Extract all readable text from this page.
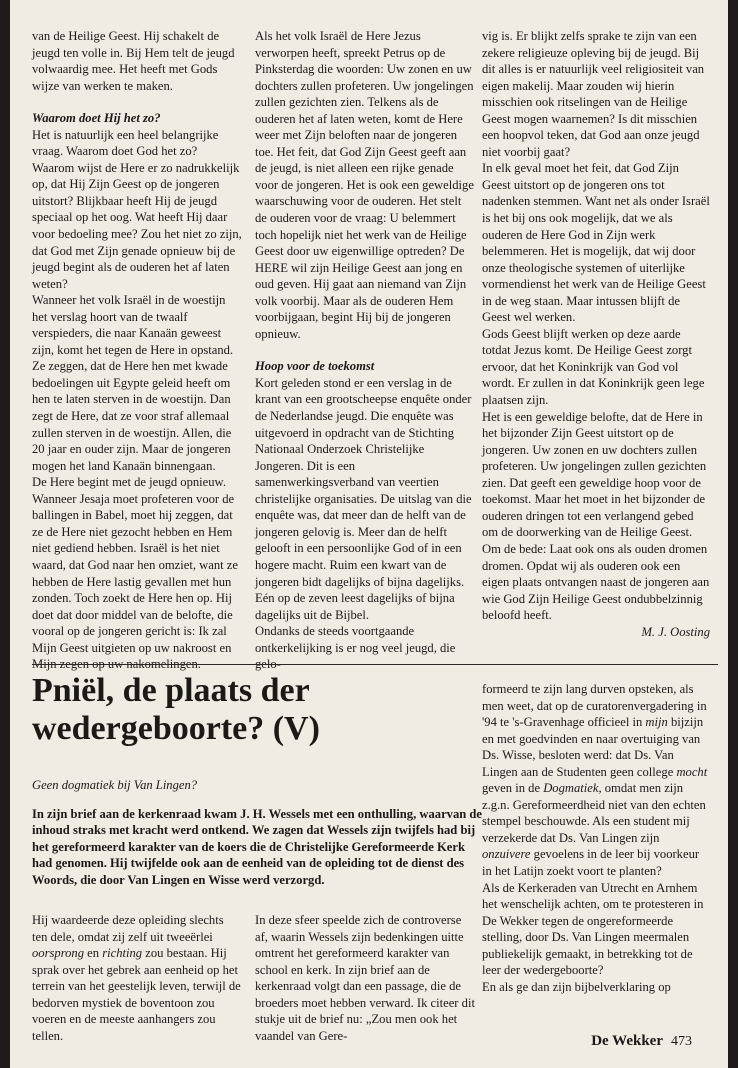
van de Heilige Geest. Hij schakelt de jeugd ten volle in. Bij Hem telt de jeugd volwaardig mee. Het heeft met Gods wijze van werken te maken.

Waarom doet Hij het zo?

Het is natuurlijk een heel belangrijke vraag. Waarom doet God het zo? Waarom wijst de Here er zo nadrukkelijk op, dat Hij Zijn Geest op de jongeren uitstort? Blijkbaar heeft Hij de jeugd speciaal op het oog. Wat heeft Hij daar voor bedoeling mee? Zou het niet zo zijn, dat God met Zijn genade opnieuw bij de jeugd begint als de ouderen het af laten weten?

Wanneer het volk Israël in de woestijn het verslag hoort van de twaalf verspieders, die naar Kanaän geweest zijn, komt het tegen de Here in opstand. Ze zeggen, dat de Here hen met kwade bedoelingen uit Egypte geleid heeft om hen te laten sterven in de woestijn. Dan zegt de Here, dat ze voor straf allemaal zullen sterven in de woestijn. Allen, die 20 jaar en ouder zijn. Maar de jongeren mogen het land Kanaän binnengaan.

De Here begint met de jeugd opnieuw. Wanneer Jesaja moet profeteren voor de ballingen in Babel, moet hij zeggen, dat ze de Here niet gezocht hebben en Hem niet gediend hebben. Israël is het niet waard, dat God naar hen omziet, want ze hebben de Here lastig gevallen met hun zonden. Toch zoekt de Here hen op. Hij doet dat door middel van de belofte, die vooral op de jongeren gericht is: Ik zal Mijn Geest uitgieten op uw nakroost en Mijn zegen op uw nakomelingen.

Als het volk Israël de Here Jezus verworpen heeft, spreekt Petrus op de Pinksterdag die woorden: Uw zonen en uw dochters zullen profeteren. Uw jongelingen zullen gezichten zien. Telkens als de ouderen het af laten weten, komt de Here weer met Zijn beloften naar de jongeren toe. Het feit, dat God Zijn Geest geeft aan de jeugd, is niet alleen een rijke genade voor de jongeren. Het is ook een geweldige waarschuwing voor de ouderen. Het stelt de ouderen voor de vraag: U belemmert toch hopelijk niet het werk van de Heilige Geest door uw eigenwillige optreden? De HERE wil zijn Heilige Geest aan jong en oud geven. Hij gaat aan niemand van Zijn volk voorbij. Maar als de ouderen Hem voorbijgaan, begint Hij bij de jongeren opnieuw.

Hoop voor de toekomst

Kort geleden stond er een verslag in de krant van een grootscheepse enquête onder de Nederlandse jeugd. Die enquête was uitgevoerd in opdracht van de Stichting Nationaal Onderzoek Christelijke Jongeren. Dit is een samenwerkingsverband van veertien christelijke organisaties. De uitslag van die enquête was, dat meer dan de helft van de jongeren gelovig is. Meer dan de helft gelooft in een persoonlijke God of in een hogere macht. Ruim een kwart van de jongeren bidt dagelijks of bijna dagelijks. Eén op de zeven leest dagelijks of bijna dagelijks uit de Bijbel.

Ondanks de steeds voortgaande ontkerkelijking is er nog veel jeugd, die gelo-

vig is. Er blijkt zelfs sprake te zijn van een zekere religieuze opleving bij de jeugd. Bij dit alles is er natuurlijk veel religiositeit van eigen makelij. Maar zouden wij hierin misschien ook ritselingen van de Heilige Geest mogen waarnemen? Is dit misschien een hoopvol teken, dat God aan onze jeugd niet voorbij gaat?

In elk geval moet het feit, dat God Zijn Geest uitstort op de jongeren ons tot nadenken stemmen. Want net als onder Israël is het bij ons ook mogelijk, dat we als ouderen de Here God in Zijn werk belemmeren. Het is mogelijk, dat wij door onze theologische systemen of uiterlijke vormendienst het werk van de Heilige Geest in de weg staan. Maar intussen blijft de Geest wel werken.

Gods Geest blijft werken op deze aarde totdat Jezus komt. De Heilige Geest zorgt ervoor, dat het Koninkrijk van God vol wordt. Er zullen in dat Koninkrijk geen lege plaatsen zijn.

Het is een geweldige belofte, dat de Here in het bijzonder Zijn Geest uitstort op de jongeren. Uw zonen en uw dochters zullen profeteren. Uw jongelingen zullen gezichten zien. Dat geeft een geweldige hoop voor de toekomst. Maar het moet in het bijzonder de ouderen dringen tot een verlangend gebed om de doorwerking van de Heilige Geest. Om de bede: Laat ook ons als ouden dromen dromen. Opdat wij als ouderen ook een eigen plaats ontvangen naast de jongeren aan wie God Zijn Heilige Geest ondubbelzinnig beloofd heeft.

M. J. Oosting

Pniël, de plaats der wedergeboorte? (V)

Geen dogmatiek bij Van Lingen?

In zijn brief aan de kerkenraad kwam J. H. Wessels met een onthulling, waarvan de inhoud straks met kracht werd ontkend. We zagen dat Wessels zijn twijfels had bij het gereformeerd karakter van de koers die de Christelijke Gereformeerde Kerk had genomen. Hij twijfelde ook aan de eenheid van de opleiding tot de dienst des Woords, die door Van Lingen en Wisse werd verzorgd.

Hij waardeerde deze opleiding slechts ten dele, omdat zij zelf uit tweeërlei oorsprong en richting zou bestaan. Hij sprak over het gebrek aan eenheid op het terrein van het geestelijk leven, terwijl de bedorven mystiek de boventoon zou voeren en de meeste aanhangers zou tellen.

In deze sfeer speelde zich de controverse af, waarin Wessels zijn bedenkingen uitte omtrent het gereformeerd karakter van school en kerk. In zijn brief aan de kerkenraad volgt dan een passage, die de broeders moet hebben verward. Ik citeer dit stukje uit de brief nu: „Zou men ook het vaandel van Gere-

formeerd te zijn lang durven opsteken, als men weet, dat op de curatorenvergadering in '94 te 's-Gravenhage officieel in mijn bijzijn en met goedvinden en naar overtuiging van Ds. Wisse, besloten werd: dat Ds. Van Lingen aan de Studenten geen college mocht geven in de Dogmatiek, omdat men zijn z.g.n. Gereformeerdheid niet van den echten stempel beschouwde. Als een student mij verzekerde dat Ds. Van Lingen zijn onzuivere gevoelens in de leer bij voorkeur in het Latijn zoekt voort te planten?

Als de Kerkeraden van Utrecht en Arnhem het wenschelijk achten, om te protesteren in De Wekker tegen de ongereformeerde stelling, door Ds. Van Lingen meermalen publiekelijk gemaakt, in betrekking tot de leer der wedergeboorte?

En als ge dan zijn bijbelverklaring op

De Wekker 473
